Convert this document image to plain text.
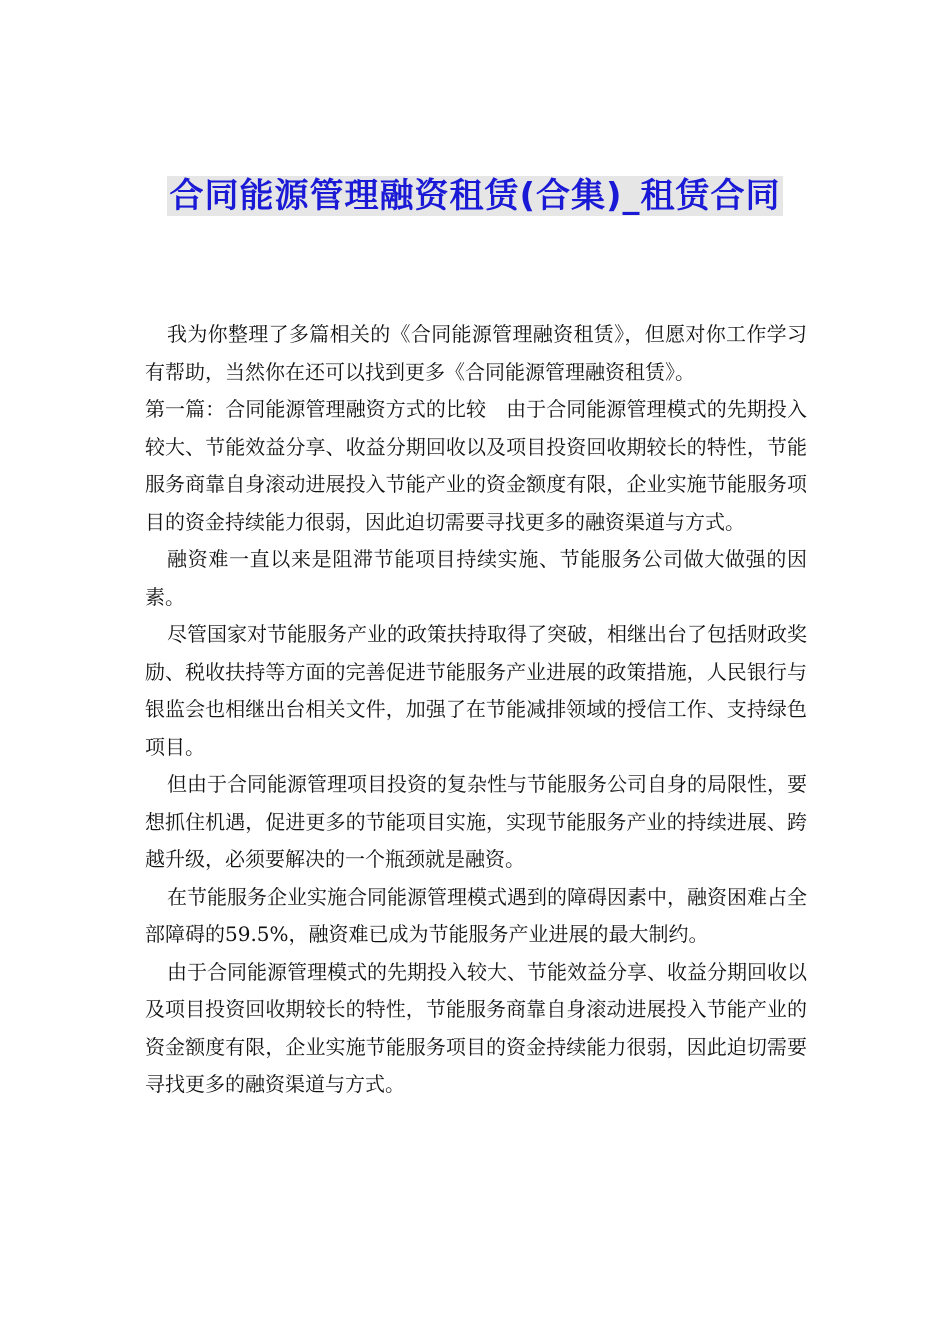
合同能源管理融资租赁(合集)_租赁合同

我为你整理了多篇相关的《合同能源管理融资租赁》，但愿对你工作学习有帮助，当然你在还可以找到更多《合同能源管理融资租赁》。

第一篇：合同能源管理融资方式的比较　由于合同能源管理模式的先期投入较大、节能效益分享、收益分期回收以及项目投资回收期较长的特性，节能服务商靠自身滚动进展投入节能产业的资金额度有限，企业实施节能服务项目的资金持续能力很弱，因此迫切需要寻找更多的融资渠道与方式。

融资难一直以来是阻滞节能项目持续实施、节能服务公司做大做强的因素。

尽管国家对节能服务产业的政策扶持取得了突破，相继出台了包括财政奖励、税收扶持等方面的完善促进节能服务产业进展的政策措施，人民银行与银监会也相继出台相关文件，加强了在节能减排领域的授信工作、支持绿色项目。

但由于合同能源管理项目投资的复杂性与节能服务公司自身的局限性，要想抓住机遇，促进更多的节能项目实施，实现节能服务产业的持续进展、跨越升级，必须要解决的一个瓶颈就是融资。

在节能服务企业实施合同能源管理模式遇到的障碍因素中，融资困难占全部障碍的59.5%，融资难已成为节能服务产业进展的最大制约。

由于合同能源管理模式的先期投入较大、节能效益分享、收益分期回收以及项目投资回收期较长的特性，节能服务商靠自身滚动进展投入节能产业的资金额度有限，企业实施节能服务项目的资金持续能力很弱，因此迫切需要寻找更多的融资渠道与方式。
